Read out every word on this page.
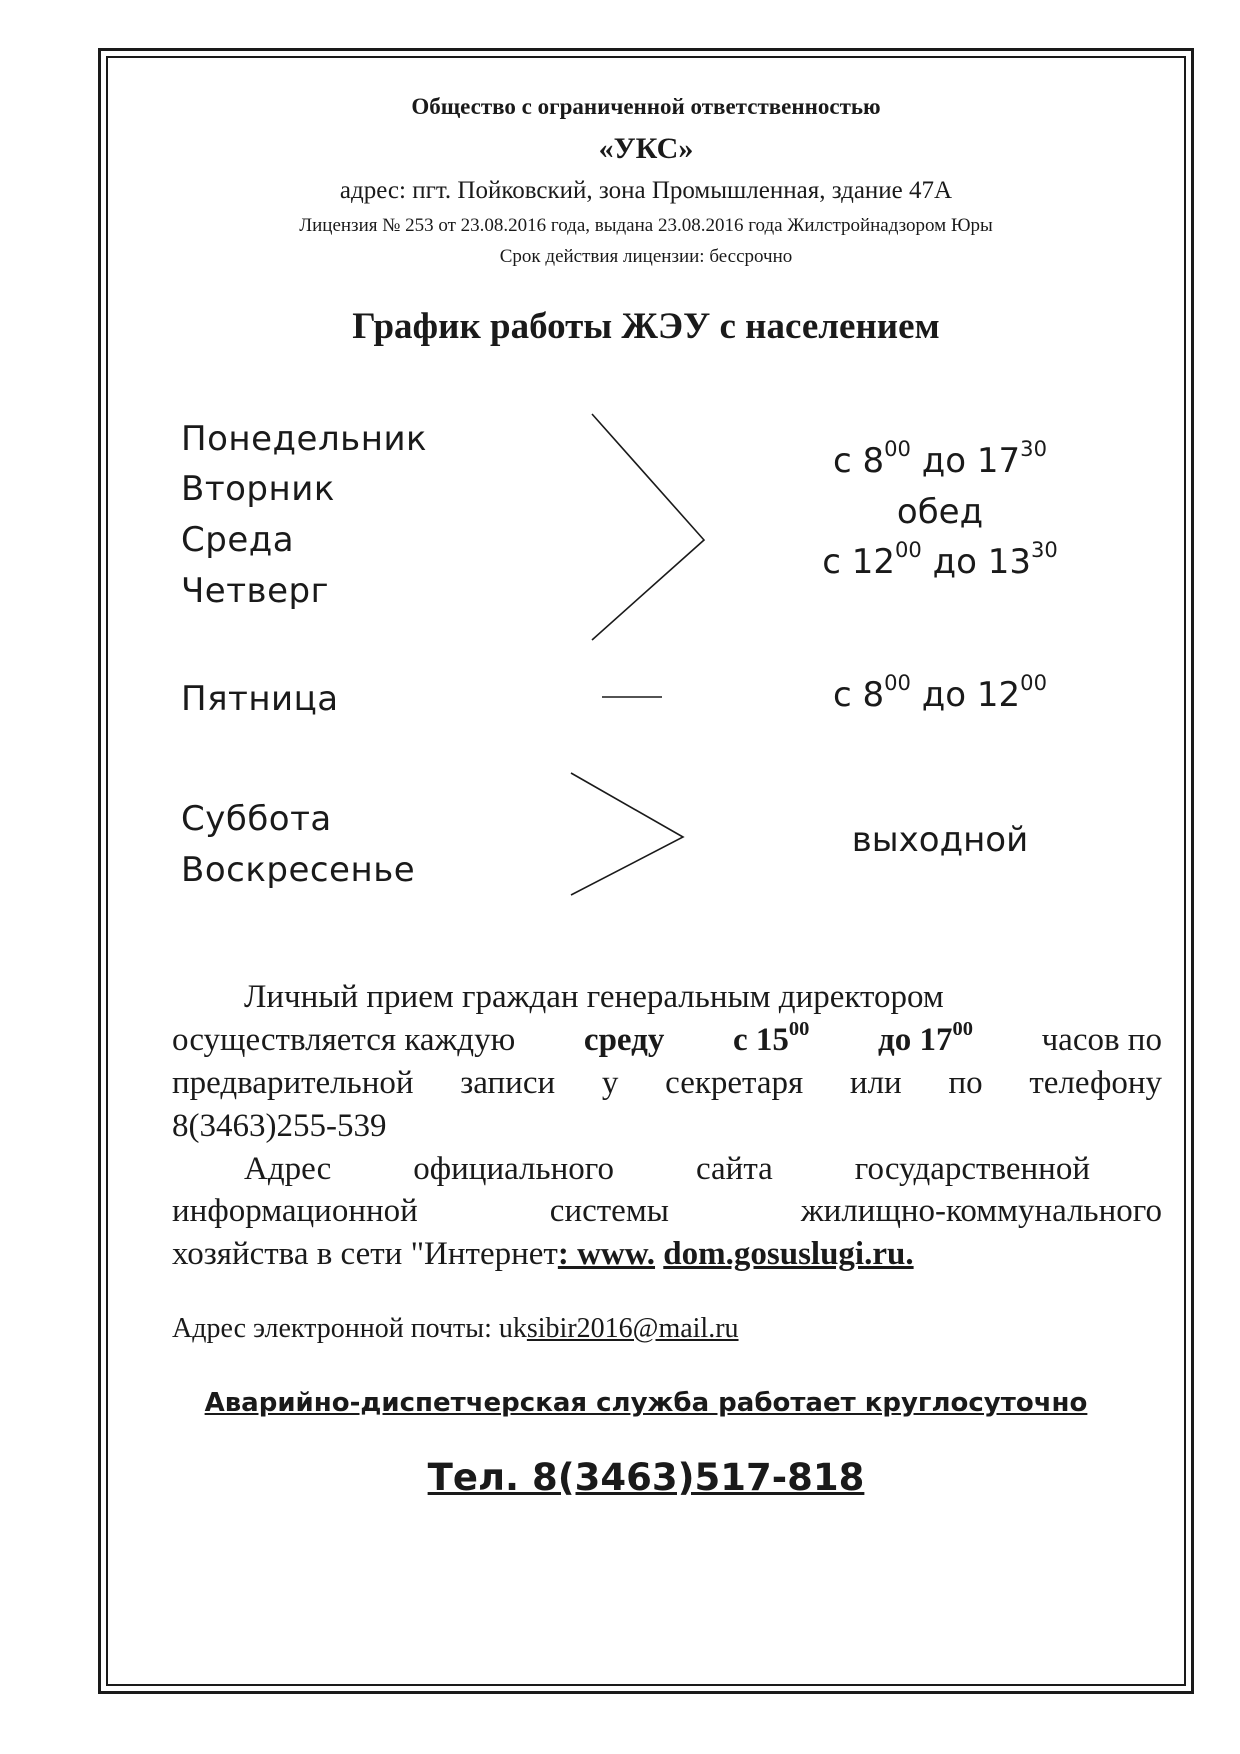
Общество с ограниченной ответственностью
«УКС»
адрес: пгт. Пойковский, зона Промышленная, здание 47А
Лицензия № 253 от 23.08.2016 года, выдана 23.08.2016 года Жилстройнадзором Юры
Срок действия лицензии: бессрочно
График работы ЖЭУ с населением
Понедельник
Вторник
Среда
Четверг
с $8^{00}$ до $17^{30}$
обед
с $12^{00}$ до $13^{30}$
Пятница	с $8^{00}$ до $12^{00}$
Суббота
Воскресенье
выходной
Личный прием граждан генеральным директором
осуществляется каждую среду с $15^{00}$ до $17^{00}$ часов по
предварительной записи у секретаря или по телефону
8(3463)255-539
Адрес официального сайта государственной
информационной системы жилищно-коммунального
хозяйства в сети "Интернет: www. dom.gosuslugi.ru.
Адрес электронной почты: uksibir2016@mail.ru
Аварийно-диспетчерская служба работает круглосуточно
Тел. 8(3463)517-818
